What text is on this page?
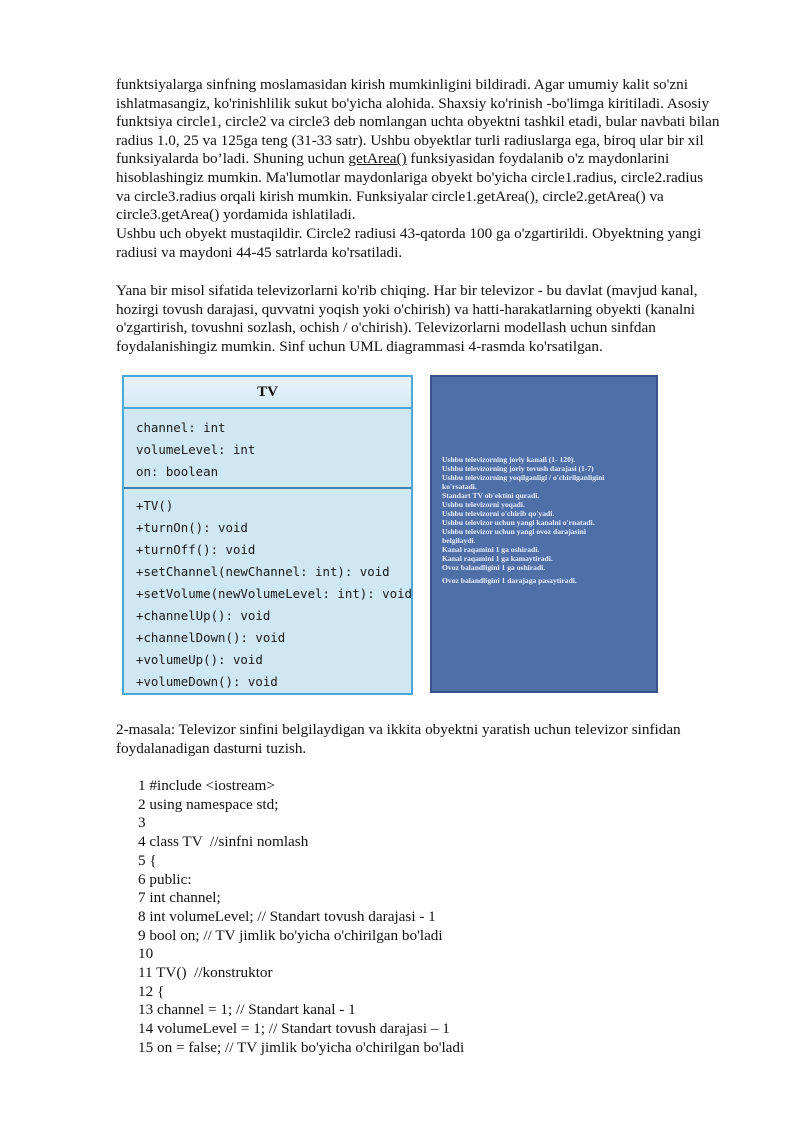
funktsiyalarga sinfning moslamasidan kirish mumkinligini bildiradi. Agar umumiy kalit so'zni
ishlatmasangiz, ko'rinishlilik sukut bo'yicha alohida. Shaxsiy ko'rinish -bo'limga kiritiladi. Asosiy
funktsiya circle1, circle2 va circle3 deb nomlangan uchta obyektni tashkil etadi, bular navbati bilan
radius 1.0, 25 va 125ga teng (31-33 satr). Ushbu obyektlar turli radiuslarga ega, biroq ular bir xil
funksiyalarda bo’ladi. Shuning uchun getArea() funksiyasidan foydalanib o'z maydonlarini
hisoblashingiz mumkin. Ma'lumotlar maydonlariga obyekt bo'yicha circle1.radius, circle2.radius
va circle3.radius orqali kirish mumkin. Funksiyalar circle1.getArea(), circle2.getArea() va
circle3.getArea() yordamida ishlatiladi.
Ushbu uch obyekt mustaqildir. Circle2 radiusi 43-qatorda 100 ga o'zgartirildi. Obyektning yangi
radiusi va maydoni 44-45 satrlarda ko'rsatiladi.
Yana bir misol sifatida televizorlarni ko'rib chiqing. Har bir televizor - bu davlat (mavjud kanal,
hozirgi tovush darajasi, quvvatni yoqish yoki o'chirish) va hatti-harakatlarning obyekti (kanalni
o'zgartirish, tovushni sozlash, ochish / o'chirish). Televizorlarni modellash uchun sinfdan
foydalanishingiz mumkin. Sinf uchun UML diagrammasi 4-rasmda ko'rsatilgan.
TV
channel: int
volumeLevel: int
on: boolean
+TV()
+turnOn(): void
+turnOff(): void
+setChannel(newChannel: int): void
+setVolume(newVolumeLevel: int): void
+channelUp(): void
+channelDown(): void
+volumeUp(): void
+volumeDown(): void
Ushbu televizorning joriy kanali (1- 120).
Ushbu televizorning joriy tovush darajasi (1-7)
Ushbu televizorning yoqilganligi / o'chirilganligini
ko'rsatadi.
Standart TV ob'ektini quradi.
Ushbu televizorni yoqadi.
Ushbu televizorni o'chirib qo'yadi.
Ushbu televizor uchun yangi kanalni o'rnatadi.
Ushbu televizor uchun yangi ovoz darajasini
belgilaydi.
Kanal raqamini 1 ga oshiradi.
Kanal raqamini 1 ga kamaytiradi.
Ovoz balandligini 1 ga oshiradi.
Ovoz balandligini 1 darajaga pasaytiradi.
2-masala: Televizor sinfini belgilaydigan va ikkita obyektni yaratish uchun televizor sinfidan
foydalanadigan dasturni tuzish.
1 #include <iostream>
2 using namespace std;
3
4 class TV  //sinfni nomlash
5 {
6 public:
7 int channel;
8 int volumeLevel; // Standart tovush darajasi - 1
9 bool on; // TV jimlik bo'yicha o'chirilgan bo'ladi
10
11 TV()  //konstruktor
12 {
13 channel = 1; // Standart kanal - 1
14 volumeLevel = 1; // Standart tovush darajasi – 1
15 on = false; // TV jimlik bo'yicha o'chirilgan bo'ladi
